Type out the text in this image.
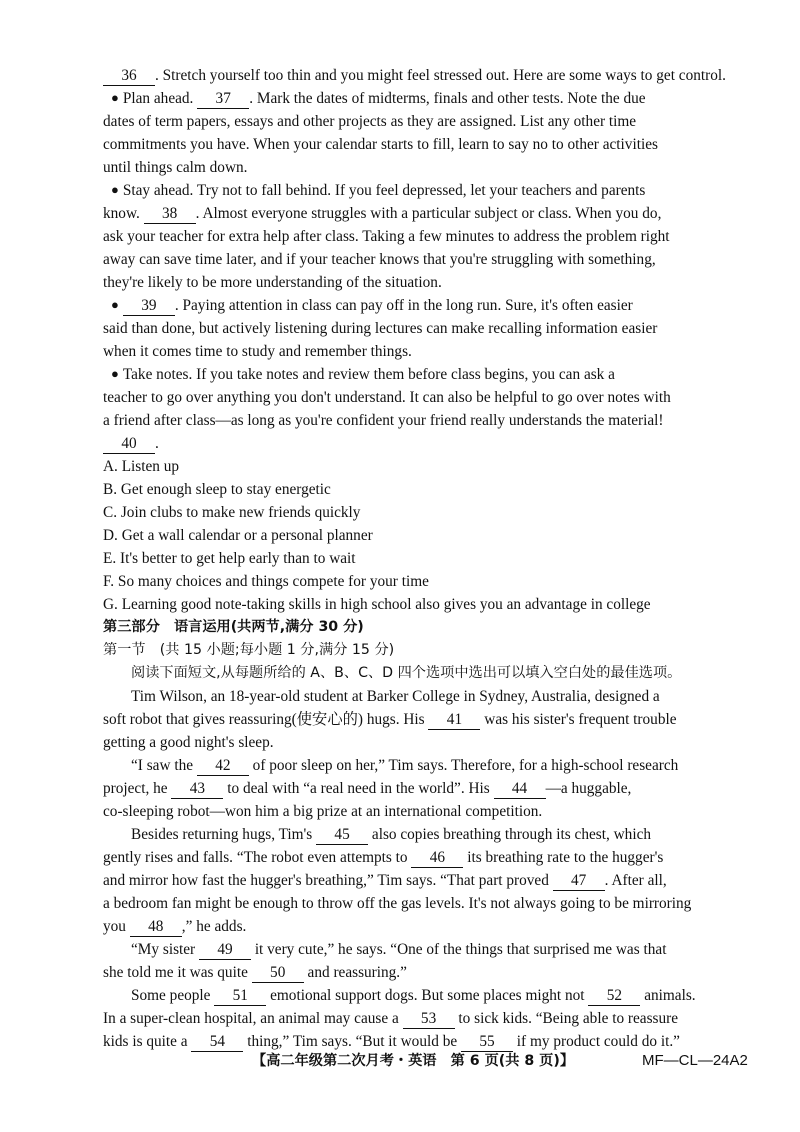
36 . Stretch yourself too thin and you might feel stressed out. Here are some ways to get control.
● Plan ahead. 37 . Mark the dates of midterms, finals and other tests. Note the due
dates of term papers, essays and other projects as they are assigned. List any other time
commitments you have. When your calendar starts to fill, learn to say no to other activities
until things calm down.
● Stay ahead. Try not to fall behind. If you feel depressed, let your teachers and parents
know. 38 . Almost everyone struggles with a particular subject or class. When you do,
ask your teacher for extra help after class. Taking a few minutes to address the problem right
away can save time later, and if your teacher knows that you're struggling with something,
they're likely to be more understanding of the situation.
● 39 . Paying attention in class can pay off in the long run. Sure, it's often easier
said than done, but actively listening during lectures can make recalling information easier
when it comes time to study and remember things.
● Take notes. If you take notes and review them before class begins, you can ask a
teacher to go over anything you don't understand. It can also be helpful to go over notes with
a friend after class—as long as you're confident your friend really understands the material!
40 .
A. Listen up
B. Get enough sleep to stay energetic
C. Join clubs to make new friends quickly
D. Get a wall calendar or a personal planner
E. It's better to get help early than to wait
F. So many choices and things compete for your time
G. Learning good note-taking skills in high school also gives you an advantage in college
第三部分　语言运用(共两节,满分 30 分)
第一节　(共 15 小题;每小题 1 分,满分 15 分)
阅读下面短文,从每题所给的 A、B、C、D 四个选项中选出可以填入空白处的最佳选项。
Tim Wilson, an 18-year-old student at Barker College in Sydney, Australia, designed a
soft robot that gives reassuring(使安心的) hugs. His 41 was his sister's frequent trouble
getting a good night's sleep.
“I saw the 42 of poor sleep on her,” Tim says. Therefore, for a high-school research
project, he 43 to deal with “a real need in the world”. His 44 —a huggable,
co-sleeping robot—won him a big prize at an international competition.
Besides returning hugs, Tim's 45 also copies breathing through its chest, which
gently rises and falls. “The robot even attempts to 46 its breathing rate to the hugger's
and mirror how fast the hugger's breathing,” Tim says. “That part proved 47 . After all,
a bedroom fan might be enough to throw off the gas levels. It's not always going to be mirroring
you 48 ,” he adds.
“My sister 49 it very cute,” he says. “One of the things that surprised me was that
she told me it was quite 50 and reassuring.”
Some people 51 emotional support dogs. But some places might not 52 animals.
In a super-clean hospital, an animal may cause a 53 to sick kids. “Being able to reassure
kids is quite a 54 thing,” Tim says. “But it would be 55 if my product could do it.”
【高二年级第二次月考・英语　第 6 页(共 8 页)】	MF—CL—24A2
